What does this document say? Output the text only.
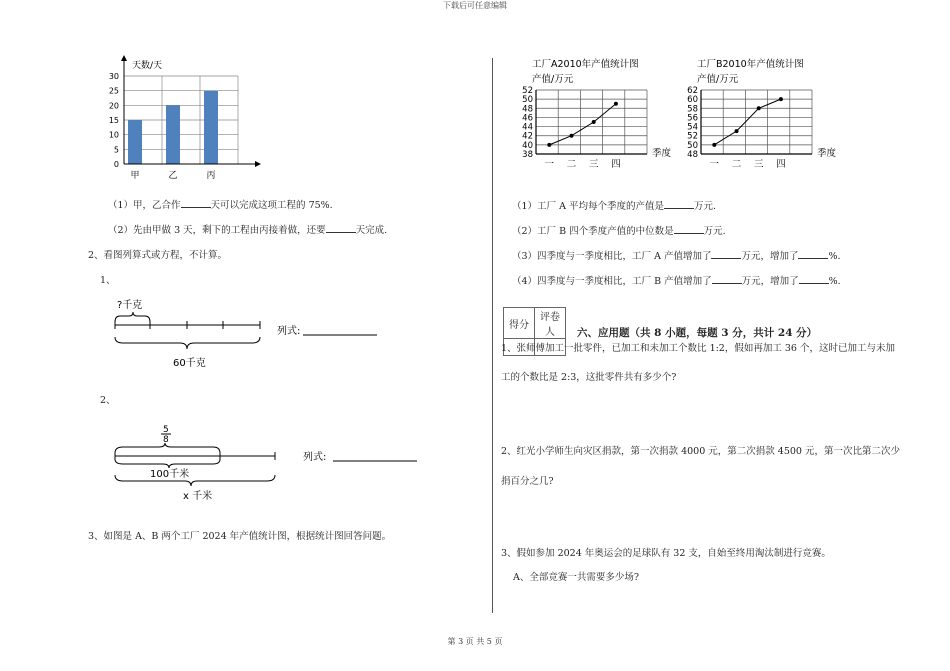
下载后可任意编辑
第 3 页 共 5 页
0
5
10
15
20
25
30
甲	乙	丙
天数/天
（1）甲，乙合作	天可以完成这项工程的 75%.
（2）先由甲做 3 天，剩下的工程由丙接着做，还要	天完成.
2、看图列算式或方程，不计算。
1、
?千克
60千克
列式:
2、
5
8
100千米
x 千米
列式:
3、如图是 A、B 两个工厂 2024 年产值统计图，根据统计图回答问题。
工厂A2010年产值统计图
产值/万元
38
40
42
44
46
48
50
52
一 二 三 四
季度
工厂B2010年产值统计图
产值/万元
48
50
52
54
56
58
60
62
一 二 三 四
季度
（1）工厂 A 平均每个季度的产值是	万元.
（2）工厂 B 四个季度产值的中位数是	万元.
（3）四季度与一季度相比，工厂 A 产值增加了	万元，增加了	%.
（4）四季度与一季度相比，工厂 B 产值增加了	万元，增加了	%.
得分	评卷人
	六、应用题（共 8 小题，每题 3 分，共计 24 分）
1、张师傅加工一批零件，已加工和未加工个数比 1:2，假如再加工 36 个，这时已加工与未加
工的个数比是 2:3，这批零件共有多少个?
2、红光小学师生向灾区捐款，第一次捐款 4000 元，第二次捐款 4500 元，第一次比第二次少
捐百分之几?
3、假如参加 2024 年奥运会的足球队有 32 支，自始至终用淘汰制进行竞赛。
A、全部竞赛一共需要多少场?
